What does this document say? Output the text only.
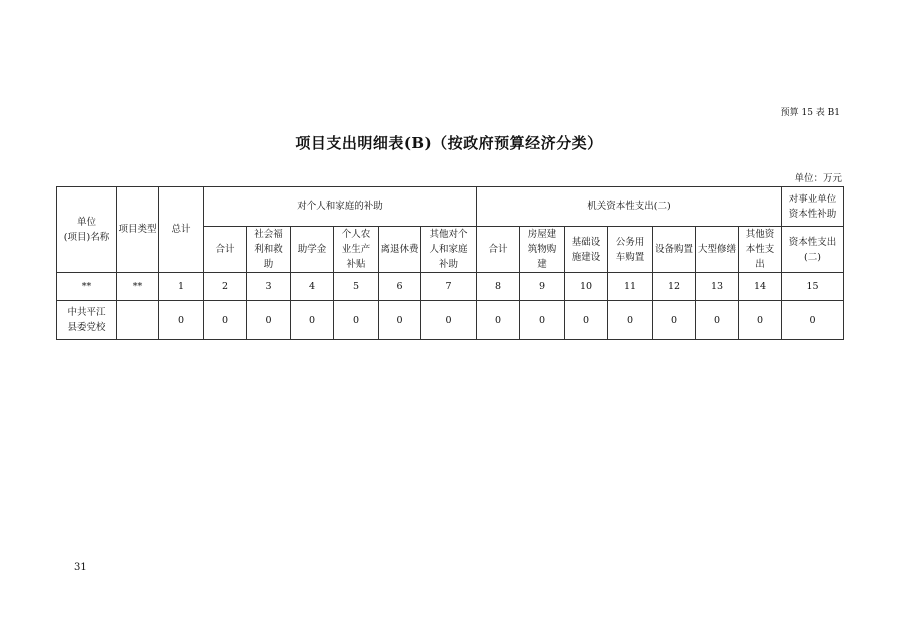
预算 15 表 B1
项目支出明细表(B)（按政府预算经济分类）
单位：万元
单位
(项目)名称	项目类型	总计	对个人和家庭的补助						机关资本性支出(二)							对事业单位资本性补助
			合计	社会福利和救助	助学金	个人农业生产补贴	离退休费	其他对个人和家庭补助	合计	房屋建筑物购建	基础设施建设	公务用车购置	设备购置	大型修缮	其他资本性支出	资本性支出(二)
**	**	1	2	3	4	5	6	7	8	9	10	11	12	13	14	15
中共平江县委党校		0	0	0	0	0	0	0	0	0	0	0	0	0	0	0
31
